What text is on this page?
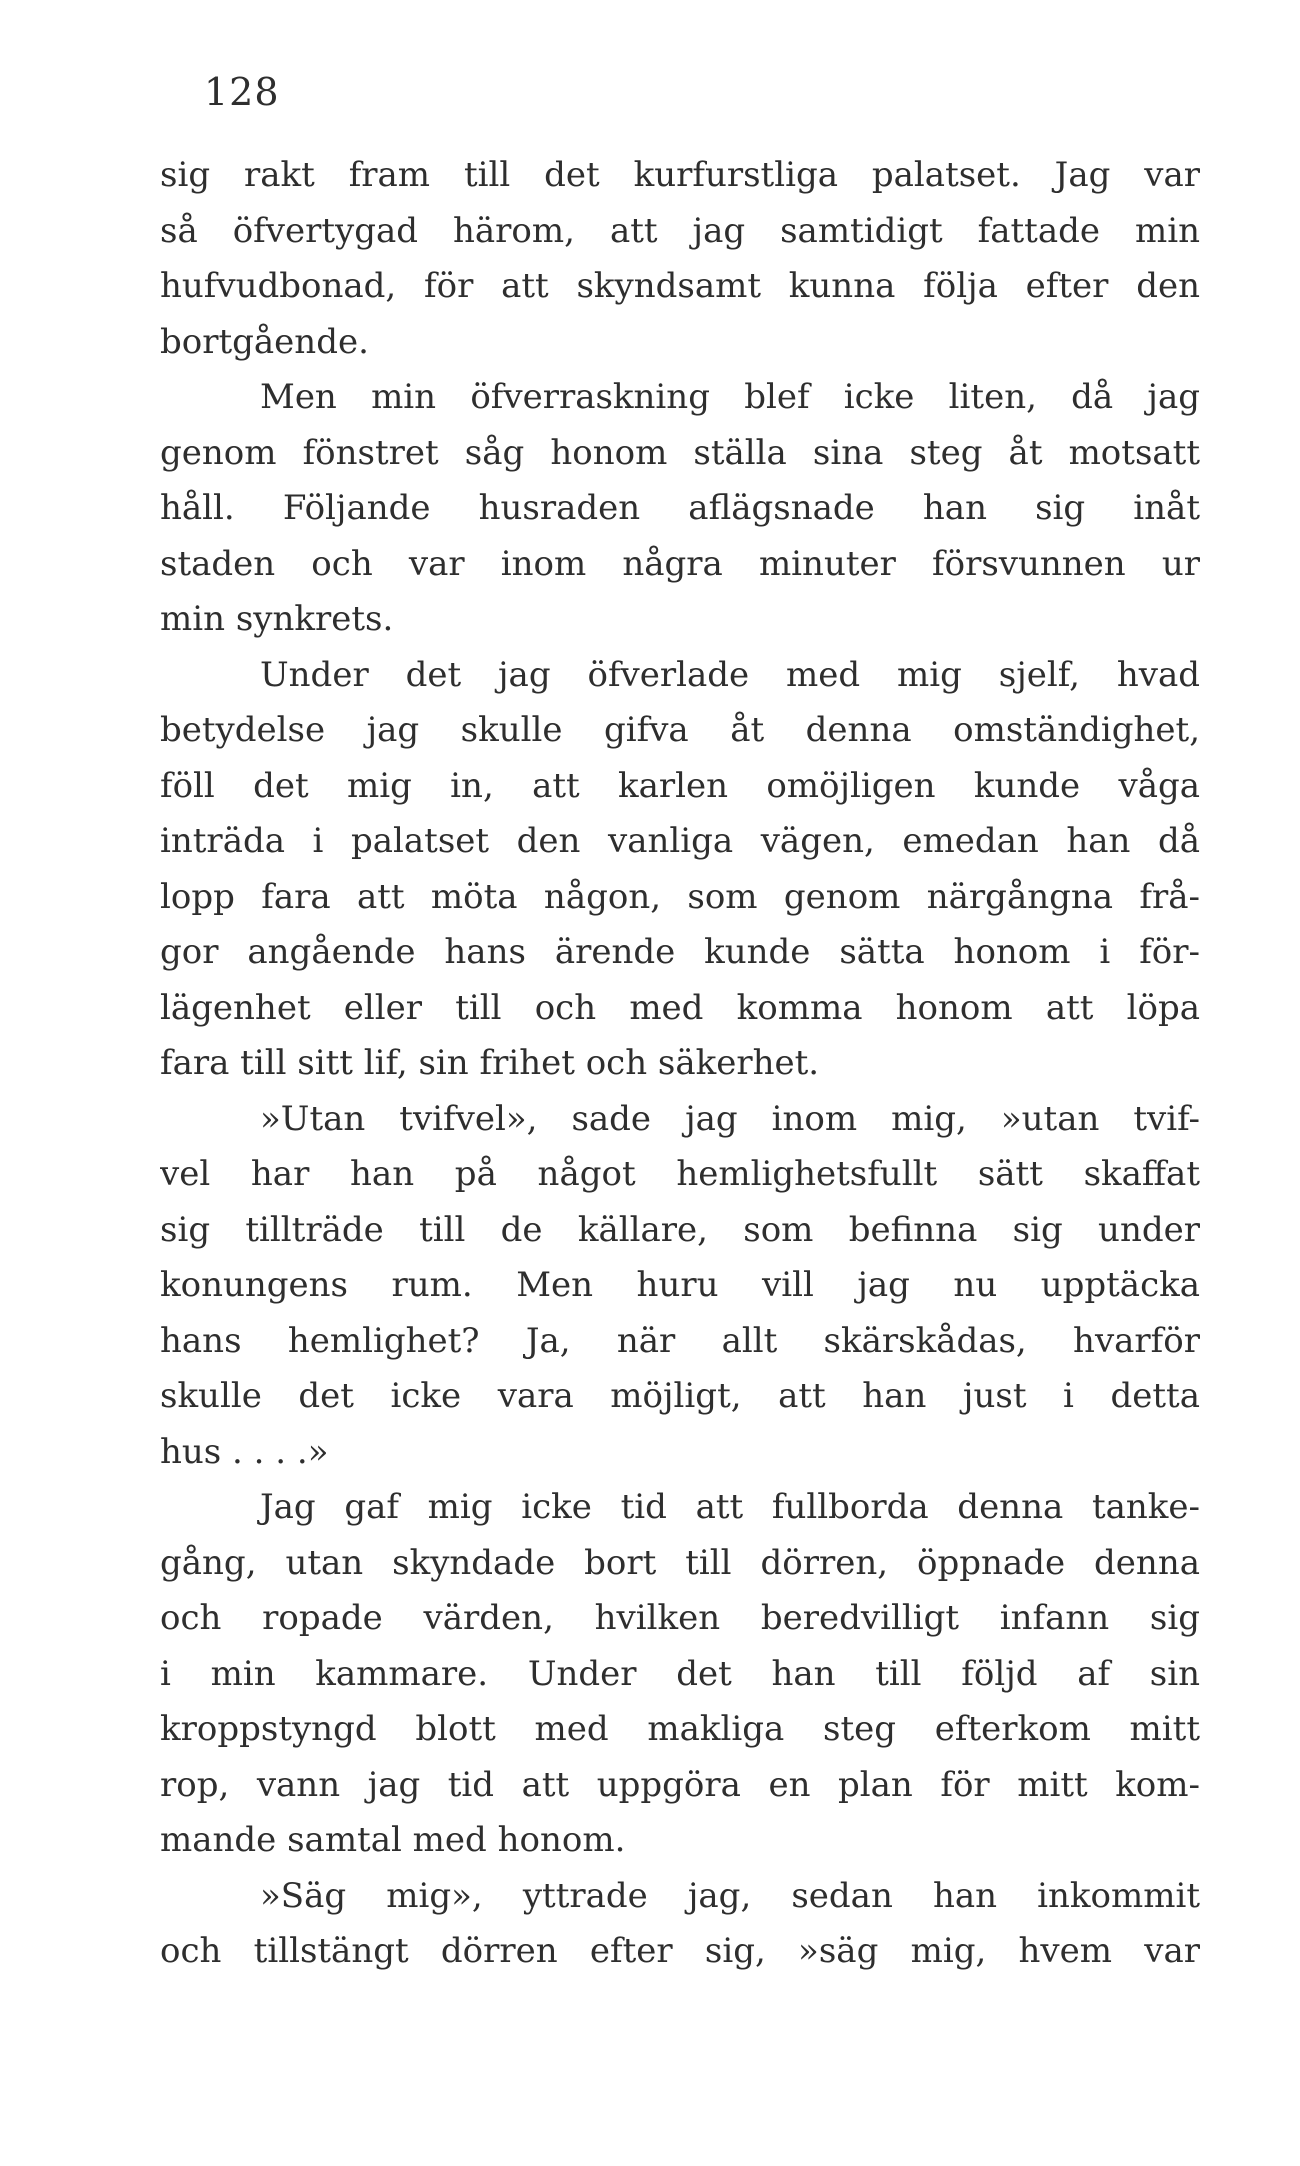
128
sig rakt fram till det kurfurstliga palatset. Jag var
så öfvertygad härom, att jag samtidigt fattade min
hufvudbonad, för att skyndsamt kunna följa efter den
bortgående.
Men min öfverraskning blef icke liten, då jag
genom fönstret såg honom ställa sina steg åt motsatt
håll. Följande husraden aflägsnade han sig inåt
staden och var inom några minuter försvunnen ur
min synkrets.
Under det jag öfverlade med mig sjelf, hvad
betydelse jag skulle gifva åt denna omständighet,
föll det mig in, att karlen omöjligen kunde våga
inträda i palatset den vanliga vägen, emedan han då
lopp fara att möta någon, som genom närgångna frå-
gor angående hans ärende kunde sätta honom i för-
lägenhet eller till och med komma honom att löpa
fara till sitt lif, sin frihet och säkerhet.
»Utan tvifvel», sade jag inom mig, »utan tvif-
vel har han på något hemlighetsfullt sätt skaffat
sig tillträde till de källare, som befinna sig under
konungens rum. Men huru vill jag nu upptäcka
hans hemlighet? Ja, när allt skärskådas, hvarför
skulle det icke vara möjligt, att han just i detta
hus . . . .»
Jag gaf mig icke tid att fullborda denna tanke-
gång, utan skyndade bort till dörren, öppnade denna
och ropade värden, hvilken beredvilligt infann sig
i min kammare. Under det han till följd af sin
kroppstyngd blott med makliga steg efterkom mitt
rop, vann jag tid att uppgöra en plan för mitt kom-
mande samtal med honom.
»Säg mig», yttrade jag, sedan han inkommit
och tillstängt dörren efter sig, »säg mig, hvem var
